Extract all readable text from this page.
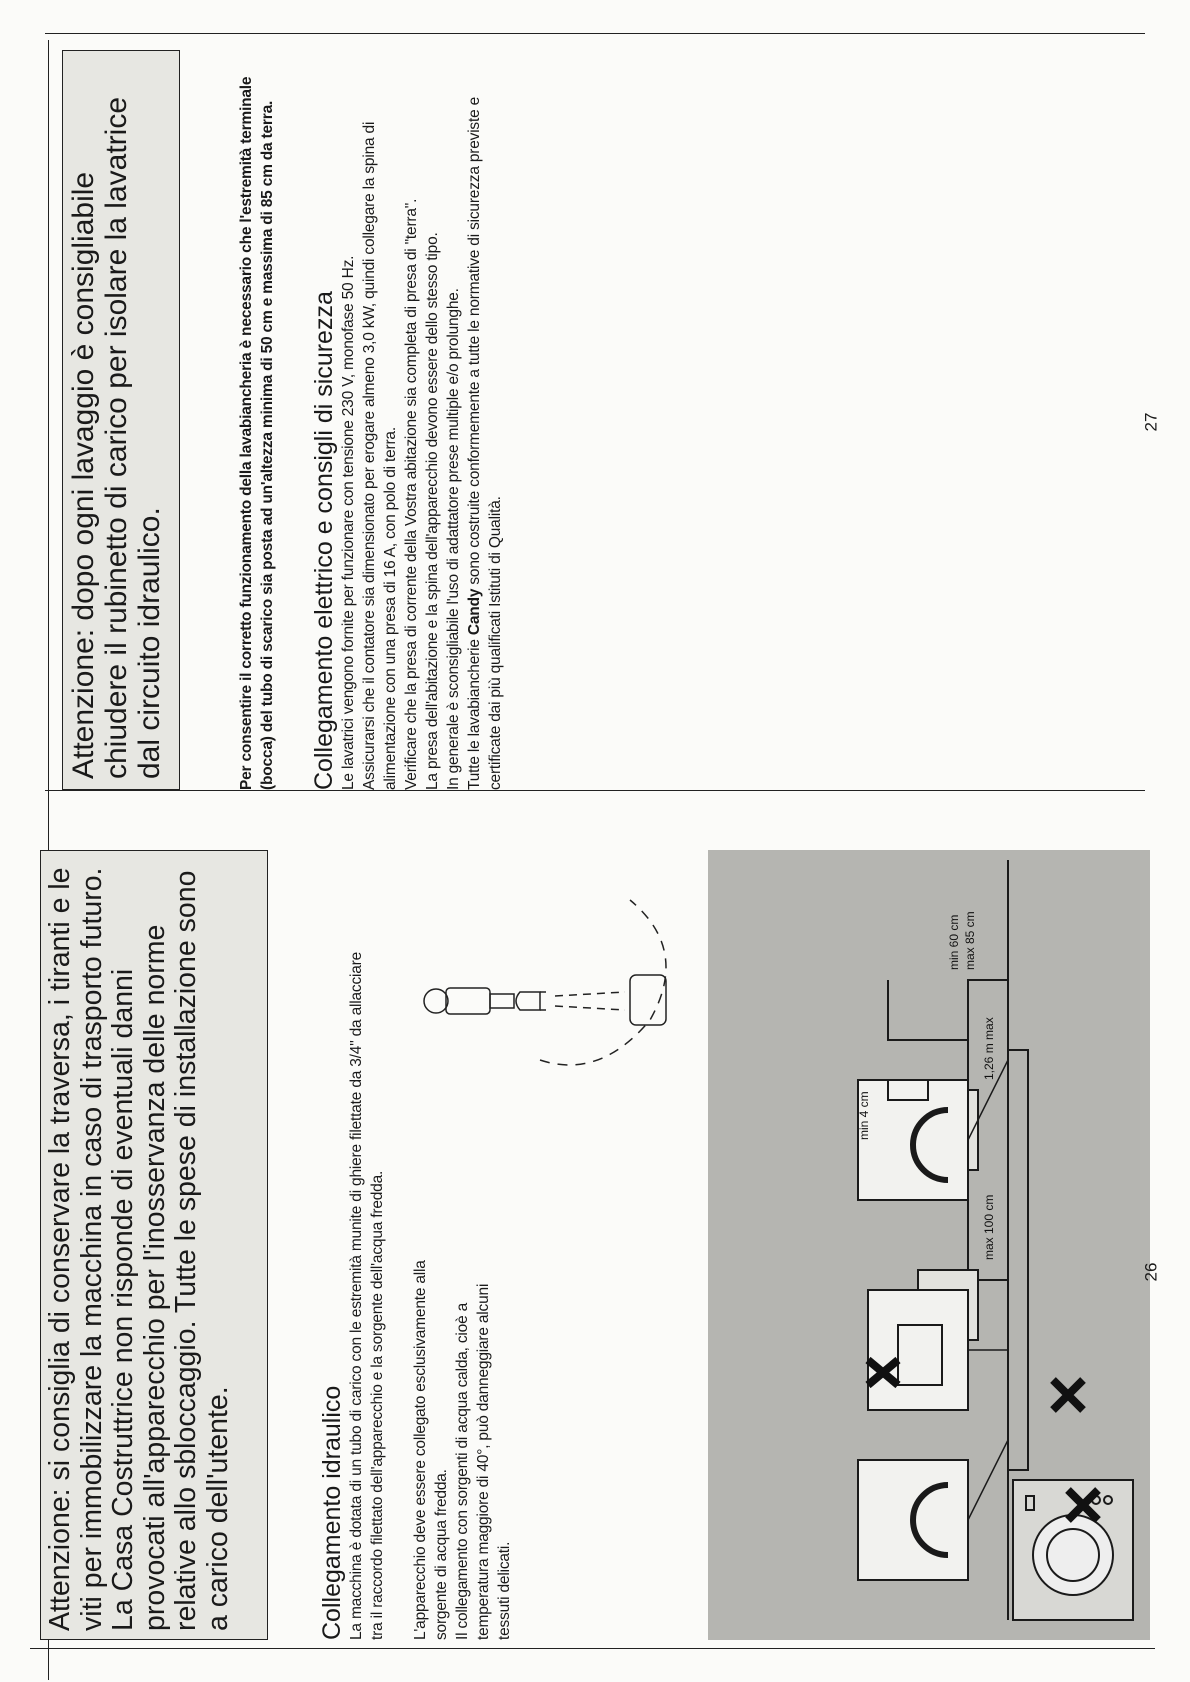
Attenzione: dopo ogni lavaggio è consigliabile chiudere il rubinetto di carico per isolare la lavatrice dal circuito idraulico.	Per consentire il corretto funzionamento della lavabiancheria è necessario che l'estremità terminale (bocca) del tubo di scarico sia posta ad un'altezza minima di 50 cm e massima di 85 cm da terra. Collegamento elettrico e consigli di sicurezza Le lavatrici vengono fornite per funzionare con tensione 230 V, monofase 50 Hz. Assicurarsi che il contatore sia dimensionato per erogare almeno 3,0 kW, quindi collegare la spina di alimentazione con una presa di 16 A, con polo di terra. Verificare che la presa di corrente della Vostra abitazione sia completa di presa di "terra". La presa dell'abitazione e la spina dell'apparecchio devono essere dello stesso tipo. In generale è sconsigliabile l'uso di adattatore prese multiple e/o prolunghe. Tutte le lavabiancherie Candy sono costruite conformemente a tutte le normative di sicurezza previste e certificate dai più qualificati Istituti di Qualità.
27

Attenzione: si consiglia di conservare la traversa, i tiranti e le viti per immobilizzare la macchina in caso di trasporto futuro. La Casa Costruttrice non risponde di eventuali danni provocati all'apparecchio per l'inosservanza delle norme relative allo sbloccaggio. Tutte le spese di installazione sono a carico dell'utente.	Collegamento idraulico La macchina è dotata di un tubo di carico con le estremità munite di ghiere filettate da 3/4" da allacciare tra il raccordo filettato dell'apparecchio e la sorgente dell'acqua fredda. L'apparecchio deve essere collegato esclusivamente alla sorgente di acqua fredda. Il collegamento con sorgenti di acqua calda, cioè a temperatura maggiore di 40°, può danneggiare alcuni tessuti delicati.
min 4 cm
max 100 cm
1,26 m max
min 60 cm max 85 cm
26
